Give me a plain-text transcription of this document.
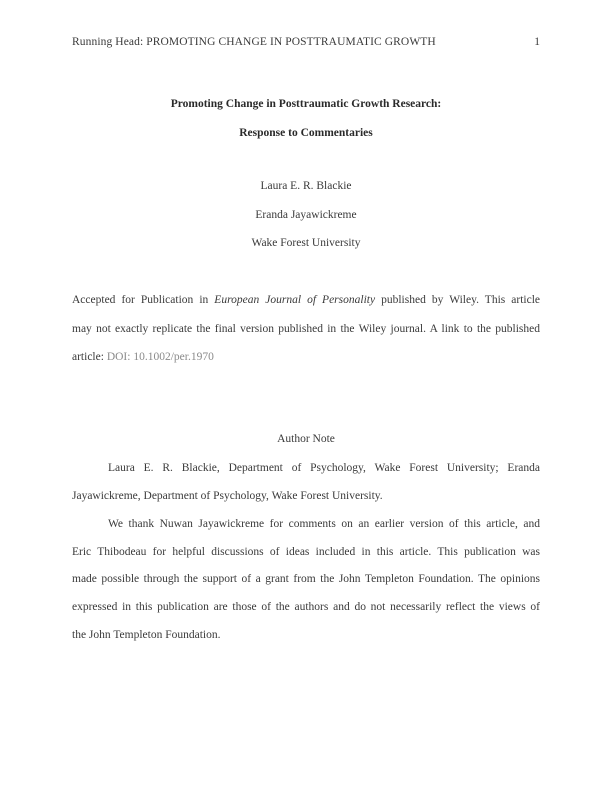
Running Head: PROMOTING CHANGE IN POSTTRAUMATIC GROWTH	1
Promoting Change in Posttraumatic Growth Research:
Response to Commentaries
Laura E. R. Blackie
Eranda Jayawickreme
Wake Forest University
Accepted for Publication in European Journal of Personality published by Wiley. This article
may not exactly replicate the final version published in the Wiley journal. A link to the published
article: DOI: 10.1002/per.1970
Author Note
Laura E. R. Blackie, Department of Psychology, Wake Forest University; Eranda
Jayawickreme, Department of Psychology, Wake Forest University.
We thank Nuwan Jayawickreme for comments on an earlier version of this article, and
Eric Thibodeau for helpful discussions of ideas included in this article. This publication was
made possible through the support of a grant from the John Templeton Foundation. The opinions
expressed in this publication are those of the authors and do not necessarily reflect the views of
the John Templeton Foundation.
